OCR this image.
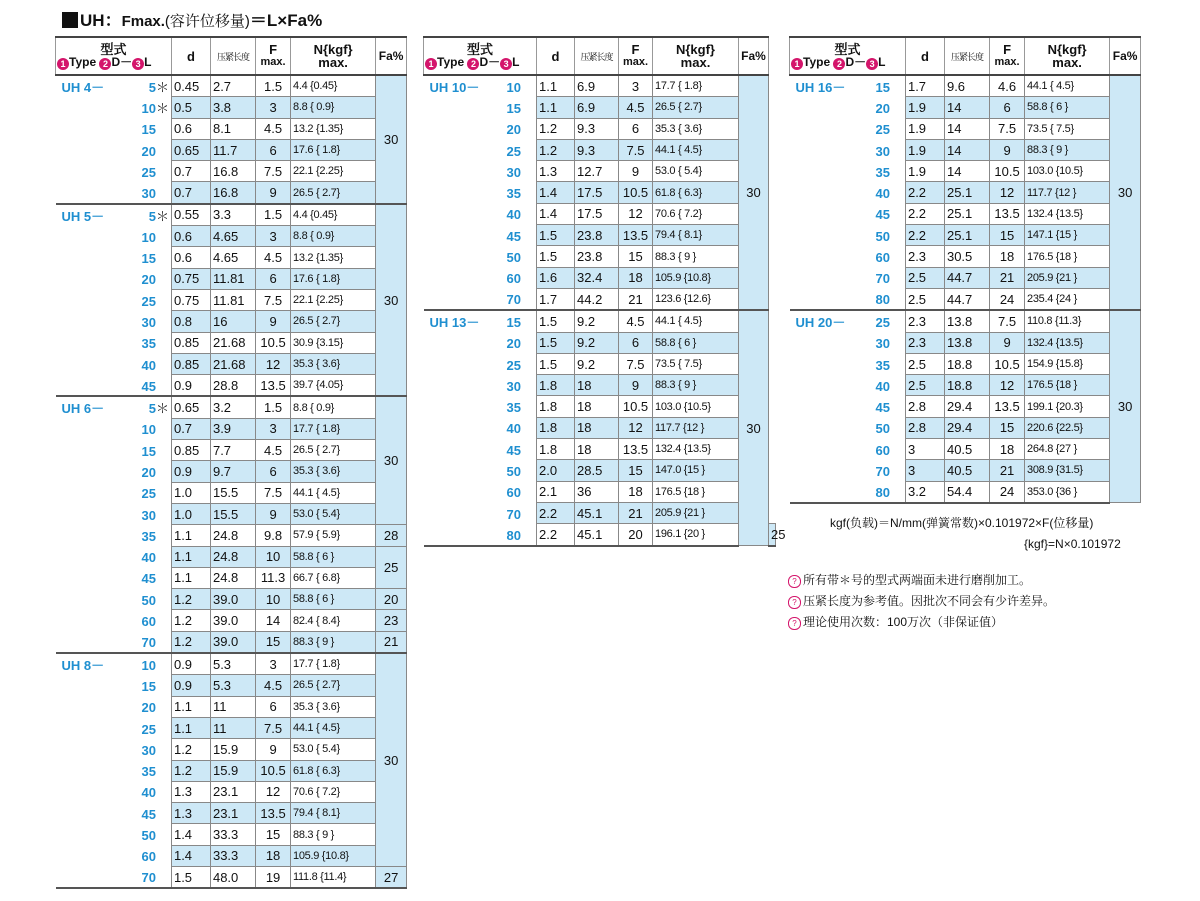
UH：Fmax.(容许位移量)＝L×Fa%
型式
1 Type 2 D－ 3 L	d	压紧长度	F
max.	N{kgf}
max.	Fa%

UH 4－ 5＊	0.45	2.7	1.5	4.4 {0.45}	30
10＊	0.5	3.8	3	8.8 { 0.9}	
15	0.6	8.1	4.5	13.2 {1.35}	
20	0.65	11.7	6	17.6 { 1.8}	
25	0.7	16.8	7.5	22.1 {2.25}	
30	0.7	16.8	9	26.5 { 2.7}	

UH 5－ 5＊	0.55	3.3	1.5	4.4 {0.45}	30
10	0.6	4.65	3	8.8 { 0.9}	
15	0.6	4.65	4.5	13.2 {1.35}	
20	0.75	11.81	6	17.6 { 1.8}	
25	0.75	11.81	7.5	22.1 {2.25}	
30	0.8	16	9	26.5 { 2.7}	
35	0.85	21.68	10.5	30.9 {3.15}	
40	0.85	21.68	12	35.3 { 3.6}	
45	0.9	28.8	13.5	39.7 {4.05}	

UH 6－ 5＊	0.65	3.2	1.5	8.8 { 0.9}	30
10	0.7	3.9	3	17.7 { 1.8}	
15	0.85	7.7	4.5	26.5 { 2.7}	
20	0.9	9.7	6	35.3 { 3.6}	
25	1.0	15.5	7.5	44.1 { 4.5}	
30	1.0	15.5	9	53.0 { 5.4}	
35	1.1	24.8	9.8	57.9 { 5.9}	28
40	1.1	24.8	10	58.8 { 6 }	25
45	1.1	24.8	11.3	66.7 { 6.8}	
50	1.2	39.0	10	58.8 { 6 }	20
60	1.2	39.0	14	82.4 { 8.4}	23
70	1.2	39.0	15	88.3 { 9 }	21

UH 8－ 10	0.9	5.3	3	17.7 { 1.8}	30
15	0.9	5.3	4.5	26.5 { 2.7}	
20	1.1	11	6	35.3 { 3.6}	
25	1.1	11	7.5	44.1 { 4.5}	
30	1.2	15.9	9	53.0 { 5.4}	
35	1.2	15.9	10.5	61.8 { 6.3}	
40	1.3	23.1	12	70.6 { 7.2}	
45	1.3	23.1	13.5	79.4 { 8.1}	
50	1.4	33.3	15	88.3 { 9 }	
60	1.4	33.3	18	105.9 {10.8}	
70	1.5	48.0	19	111.8 {11.4}	27
型式
1 Type 2 D－ 3 L	d	压紧长度	F
max.	N{kgf}
max.	Fa%	

UH 10－ 10	1.1	6.9	3	17.7 { 1.8}	30	
15	1.1	6.9	4.5	26.5 { 2.7}		
20	1.2	9.3	6	35.3 { 3.6}		
25	1.2	9.3	7.5	44.1 { 4.5}		
30	1.3	12.7	9	53.0 { 5.4}		
35	1.4	17.5	10.5	61.8 { 6.3}		
40	1.4	17.5	12	70.6 { 7.2}		
45	1.5	23.8	13.5	79.4 { 8.1}		
50	1.5	23.8	15	88.3 { 9 }		
60	1.6	32.4	18	105.9 {10.8}		
70	1.7	44.2	21	123.6 {12.6}		

UH 13－ 15	1.5	9.2	4.5	44.1 { 4.5}	30	
20	1.5	9.2	6	58.8 { 6 }		
25	1.5	9.2	7.5	73.5 { 7.5}		
30	1.8	18	9	88.3 { 9 }		
35	1.8	18	10.5	103.0 {10.5}		
40	1.8	18	12	117.7 {12 }		
45	1.8	18	13.5	132.4 {13.5}		
50	2.0	28.5	15	147.0 {15 }		
60	2.1	36	18	176.5 {18 }		
70	2.2	45.1	21	205.9 {21 }		
80	2.2	45.1	20	196.1 {20 }		25
型式
1 Type 2 D－ 3 L	d	压紧长度	F
max.	N{kgf}
max.	Fa%

UH 16－ 15	1.7	9.6	4.6	44.1 { 4.5}	30
20	1.9	14	6	58.8 { 6 }	
25	1.9	14	7.5	73.5 { 7.5}	
30	1.9	14	9	88.3 { 9 }	
35	1.9	14	10.5	103.0 {10.5}	
40	2.2	25.1	12	117.7 {12 }	
45	2.2	25.1	13.5	132.4 {13.5}	
50	2.2	25.1	15	147.1 {15 }	
60	2.3	30.5	18	176.5 {18 }	
70	2.5	44.7	21	205.9 {21 }	
80	2.5	44.7	24	235.4 {24 }	

UH 20－ 25	2.3	13.8	7.5	110.8 {11.3}	30
30	2.3	13.8	9	132.4 {13.5}	
35	2.5	18.8	10.5	154.9 {15.8}	
40	2.5	18.8	12	176.5 {18 }	
45	2.8	29.4	13.5	199.1 {20.3}	
50	2.8	29.4	15	220.6 {22.5}	
60	3	40.5	18	264.8 {27 }	
70	3	40.5	21	308.9 {31.5}	
80	3.2	54.4	24	353.0 {36 }	
kgf(负载)＝N/mm(弹簧常数)×0.101972×F(位移量)
{kgf}=N×0.101972
? 所有带＊号的型式两端面未进行磨削加工。
? 压紧长度为参考值。因批次不同会有少许差异。
? 理论使用次数：100万次（非保证值）
